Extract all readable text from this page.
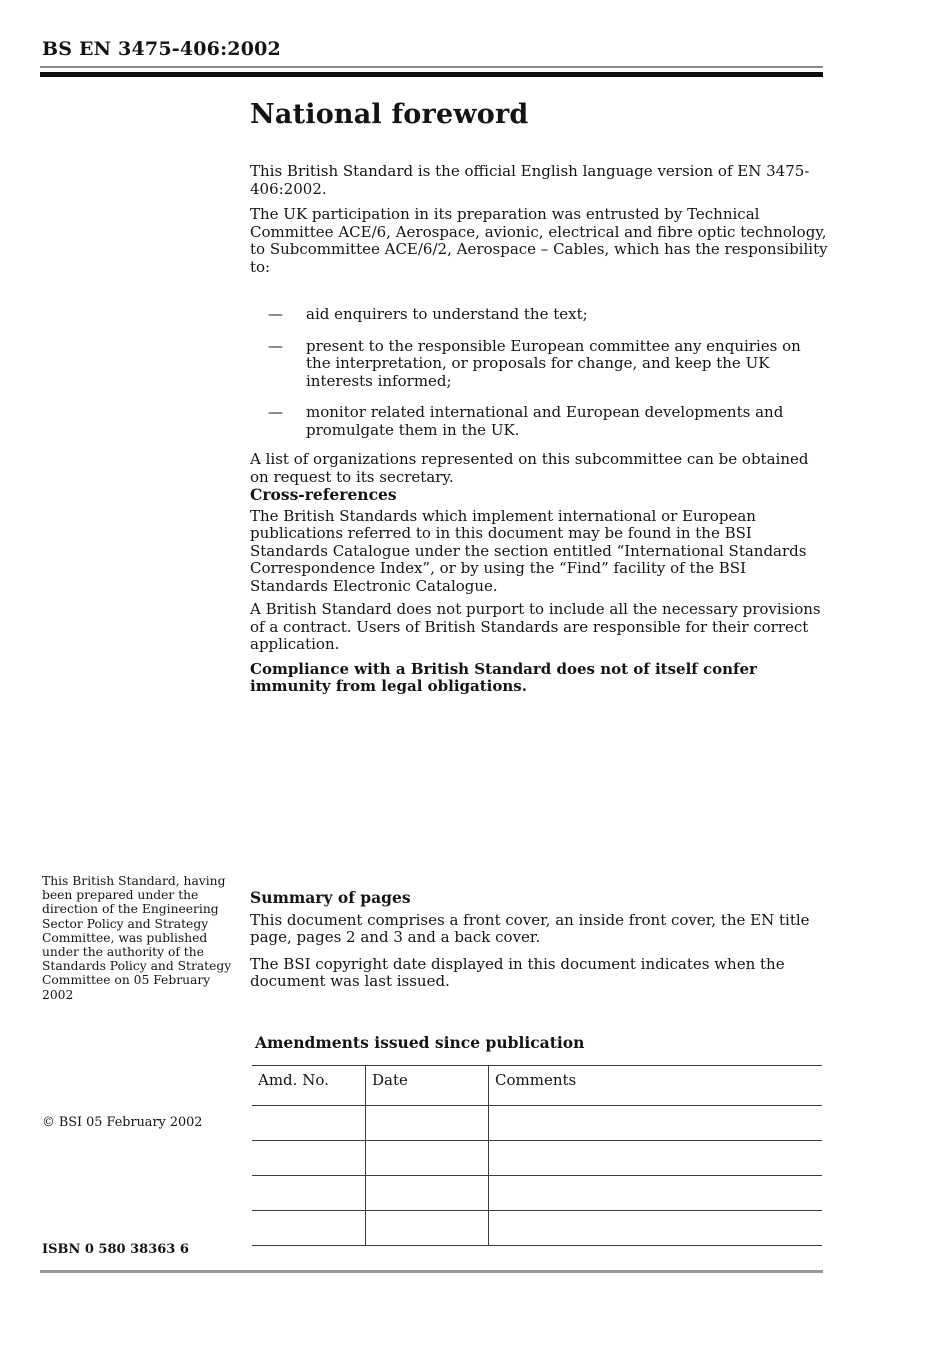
BS EN 3475-406:2002
National foreword

This British Standard is the official English language version of EN 3475-406:2002.

The UK participation in its preparation was entrusted by Technical Committee ACE/6, Aerospace, avionic, electrical and fibre optic technology, to Subcommittee ACE/6/2, Aerospace – Cables, which has the responsibility to:

—	aid enquirers to understand the text;
—	present to the responsible European committee any enquiries on the interpretation, or proposals for change, and keep the UK interests informed;
—	monitor related international and European developments and promulgate them in the UK.

A list of organizations represented on this subcommittee can be obtained on request to its secretary.

Cross-references

The British Standards which implement international or European publications referred to in this document may be found in the BSI Standards Catalogue under the section entitled “International Standards Correspondence Index”, or by using the “Find” facility of the BSI Standards Electronic Catalogue.

A British Standard does not purport to include all the necessary provisions of a contract. Users of British Standards are responsible for their correct application.

Compliance with a British Standard does not of itself confer immunity from legal obligations.

This British Standard, having been prepared under the direction of the Engineering Sector Policy and Strategy Committee, was published under the authority of the Standards Policy and Strategy Committee on 05 February 2002
© BSI 05 February 2002
ISBN 0 580 38363 6

Summary of pages

This document comprises a front cover, an inside front cover, the EN title page, pages 2 and 3 and a back cover.

The BSI copyright date displayed in this document indicates when the document was last issued.

Amendments issued since publication
Amd. No.	Date	Comments
